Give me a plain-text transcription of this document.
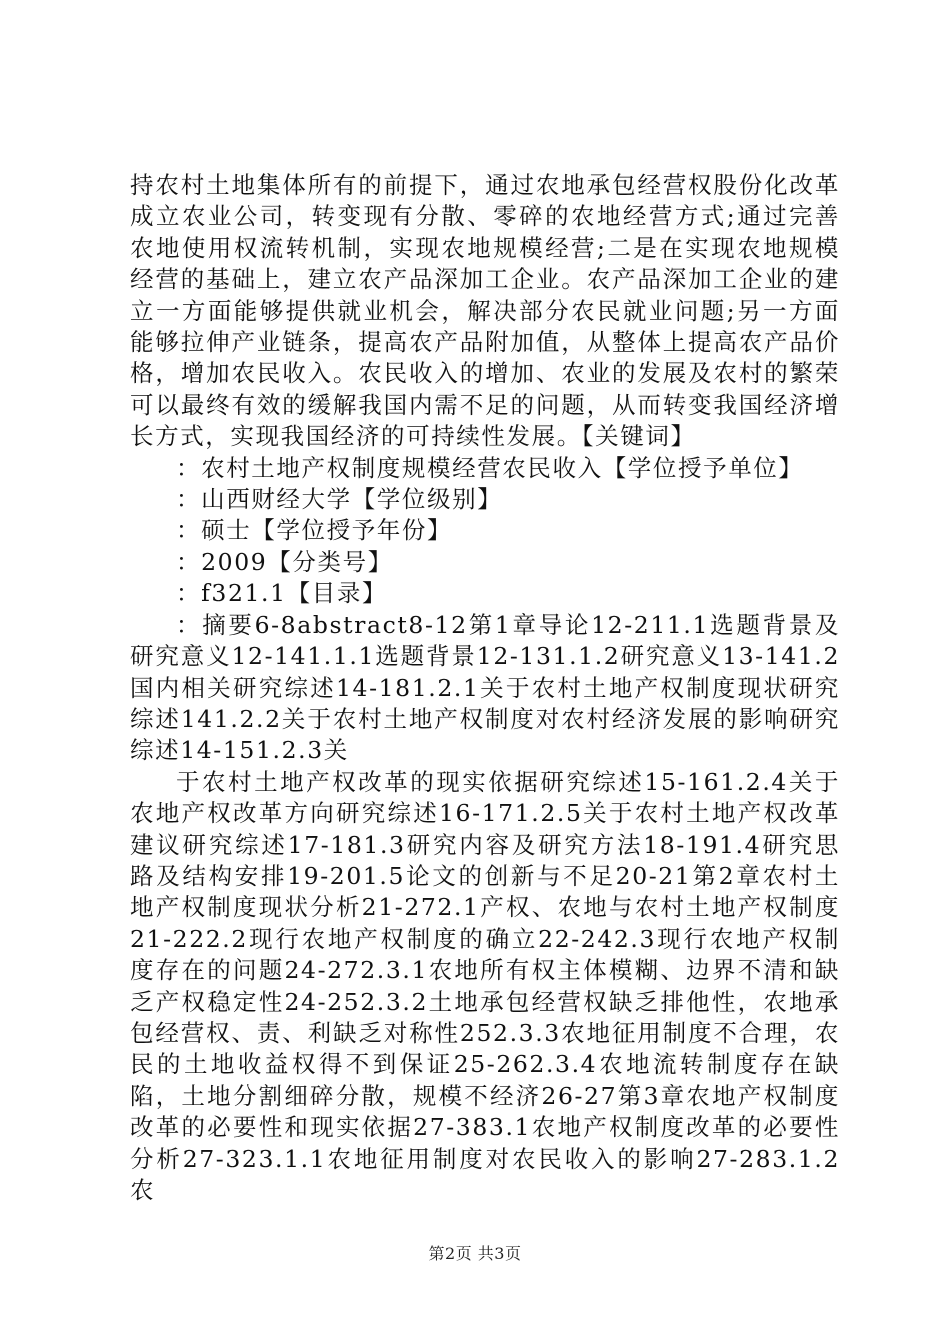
持农村土地集体所有的前提下，通过农地承包经营权股份化改革成立农业公司，转变现有分散、零碎的农地经营方式;通过完善农地使用权流转机制，实现农地规模经营;二是在实现农地规模经营的基础上，建立农产品深加工企业。农产品深加工企业的建立一方面能够提供就业机会，解决部分农民就业问题;另一方面能够拉伸产业链条，提高农产品附加值，从整体上提高农产品价格，增加农民收入。农民收入的增加、农业的发展及农村的繁荣可以最终有效的缓解我国内需不足的问题，从而转变我国经济增长方式，实现我国经济的可持续性发展。【关键词】

：农村土地产权制度规模经营农民收入【学位授予单位】

：山西财经大学【学位级别】

：硕士【学位授予年份】

：2009【分类号】

：f321.1【目录】

：摘要6-8abstract8-12第1章导论12-211.1选题背景及研究意义12-141.1.1选题背景12-131.1.2研究意义13-141.2国内相关研究综述14-181.2.1关于农村土地产权制度现状研究综述141.2.2关于农村土地产权制度对农村经济发展的影响研究综述14-151.2.3关

于农村土地产权改革的现实依据研究综述15-161.2.4关于农地产权改革方向研究综述16-171.2.5关于农村土地产权改革建议研究综述17-181.3研究内容及研究方法18-191.4研究思路及结构安排19-201.5论文的创新与不足20-21第2章农村土地产权制度现状分析21-272.1产权、农地与农村土地产权制度21-222.2现行农地产权制度的确立22-242.3现行农地产权制度存在的问题24-272.3.1农地所有权主体模糊、边界不清和缺乏产权稳定性24-252.3.2土地承包经营权缺乏排他性，农地承包经营权、责、利缺乏对称性252.3.3农地征用制度不合理，农民的土地收益权得不到保证25-262.3.4农地流转制度存在缺陷，土地分割细碎分散，规模不经济26-27第3章农地产权制度改革的必要性和现实依据27-383.1农地产权制度改革的必要性分析27-323.1.1农地征用制度对农民收入的影响27-283.1.2农

第2页 共3页
